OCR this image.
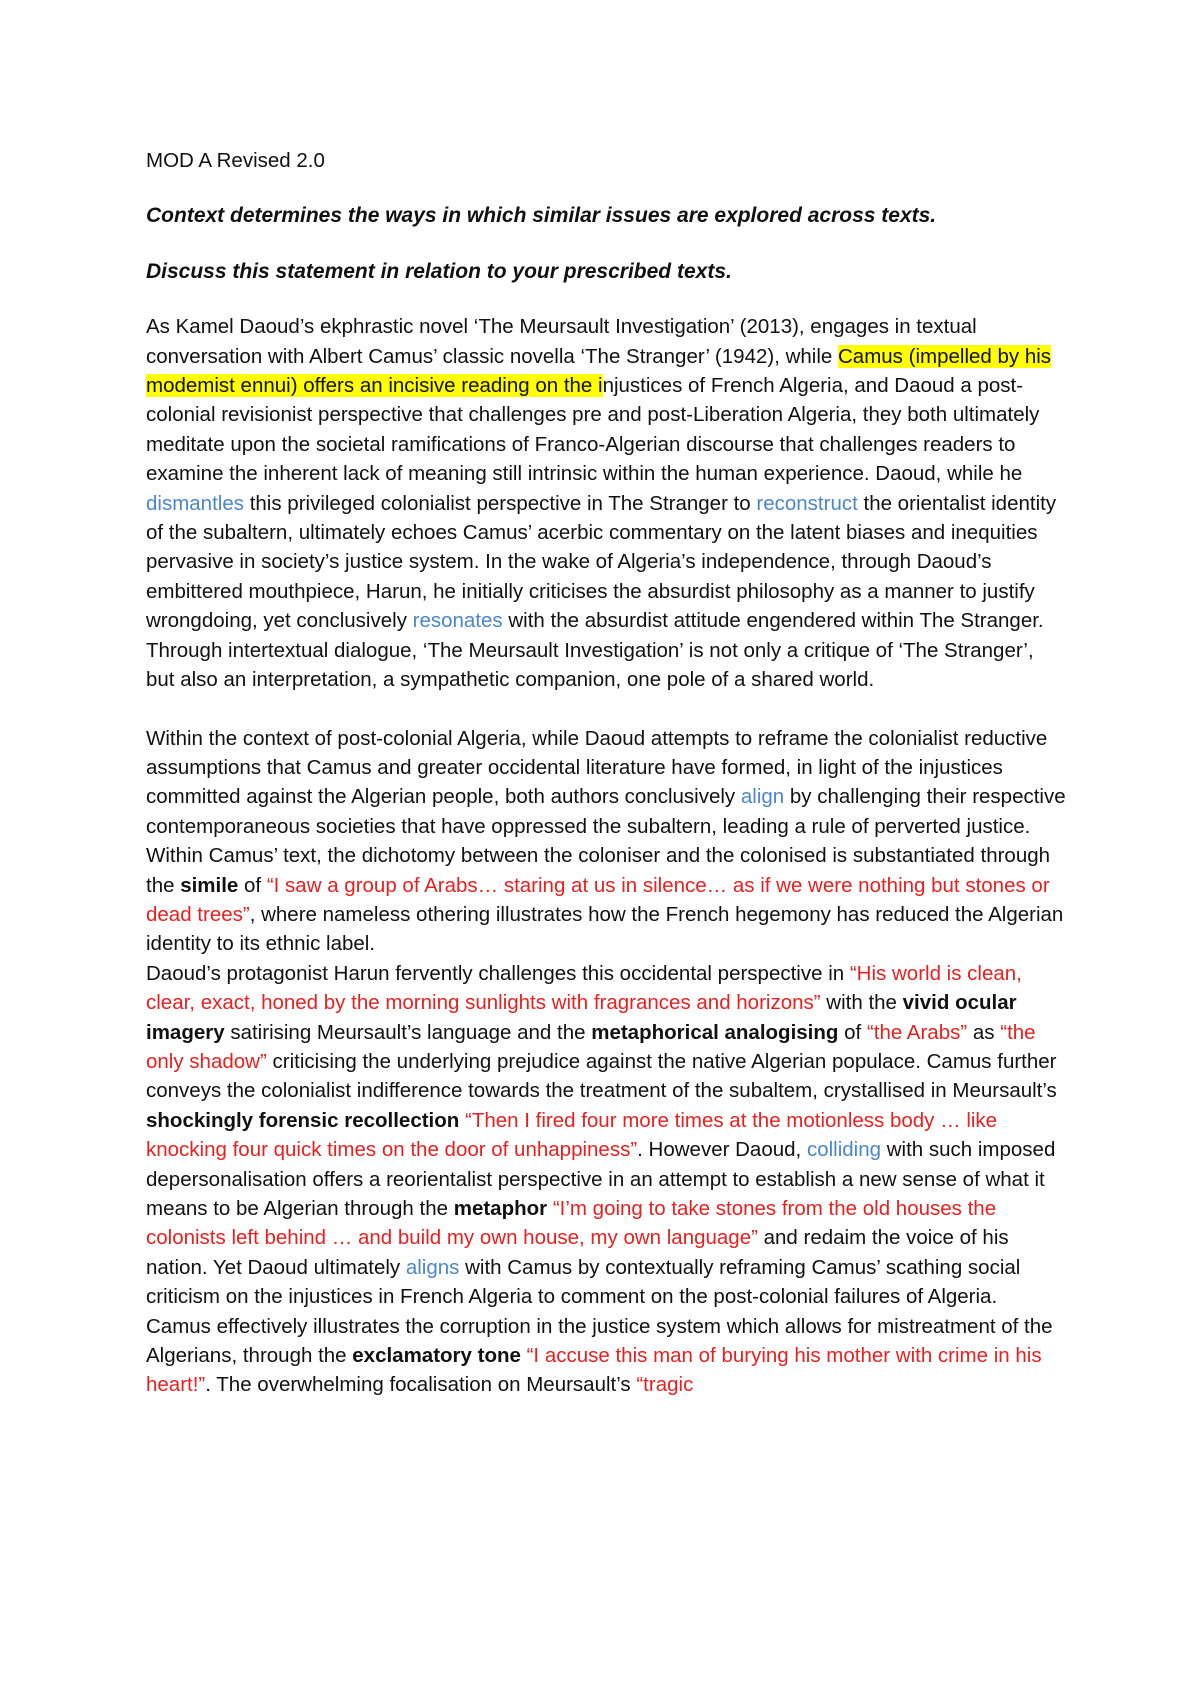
MOD A Revised 2.0

Context determines the ways in which similar issues are explored across texts.

Discuss this statement in relation to your prescribed texts.

As Kamel Daoud’s ekphrastic novel ‘The Meursault Investigation’ (2013), engages in textual conversation with Albert Camus’ classic novella ‘The Stranger’ (1942), while Camus (impelled by his modemist ennui) offers an incisive reading on the injustices of French Algeria, and Daoud a post-colonial revisionist perspective that challenges pre and post-Liberation Algeria, they both ultimately meditate upon the societal ramifications of Franco-Algerian discourse that challenges readers to examine the inherent lack of meaning still intrinsic within the human experience. Daoud, while he dismantles this privileged colonialist perspective in The Stranger to reconstruct the orientalist identity of the subaltern, ultimately echoes Camus’ acerbic commentary on the latent biases and inequities pervasive in society’s justice system. In the wake of Algeria’s independence, through Daoud’s embittered mouthpiece, Harun, he initially criticises the absurdist philosophy as a manner to justify wrongdoing, yet conclusively resonates with the absurdist attitude engendered within The Stranger. Through intertextual dialogue, ‘The Meursault Investigation’ is not only a critique of ‘The Stranger’, but also an interpretation, a sympathetic companion, one pole of a shared world.

Within the context of post-colonial Algeria, while Daoud attempts to reframe the colonialist reductive assumptions that Camus and greater occidental literature have formed, in light of the injustices committed against the Algerian people, both authors conclusively align by challenging their respective contemporaneous societies that have oppressed the subaltern, leading a rule of perverted justice. Within Camus’ text, the dichotomy between the coloniser and the colonised is substantiated through the simile of “I saw a group of Arabs… staring at us in silence… as if we were nothing but stones or dead trees”, where nameless othering illustrates how the French hegemony has reduced the Algerian identity to its ethnic label.

Daoud’s protagonist Harun fervently challenges this occidental perspective in “His world is clean, clear, exact, honed by the morning sunlights with fragrances and horizons” with the vivid ocular imagery satirising Meursault’s language and the metaphorical analogising of “the Arabs” as “the only shadow” criticising the underlying prejudice against the native Algerian populace. Camus further conveys the colonialist indifference towards the treatment of the subaltem, crystallised in Meursault’s shockingly forensic recollection “Then I fired four more times at the motionless body … like knocking four quick times on the door of unhappiness”. However Daoud, colliding with such imposed depersonalisation offers a reorientalist perspective in an attempt to establish a new sense of what it means to be Algerian through the metaphor “I’m going to take stones from the old houses the colonists left behind … and build my own house, my own language” and redaim the voice of his nation. Yet Daoud ultimately aligns with Camus by contextually reframing Camus’ scathing social criticism on the injustices in French Algeria to comment on the post-colonial failures of Algeria. Camus effectively illustrates the corruption in the justice system which allows for mistreatment of the Algerians, through the exclamatory tone “I accuse this man of burying his mother with crime in his heart!”. The overwhelming focalisation on Meursault’s “tragic
